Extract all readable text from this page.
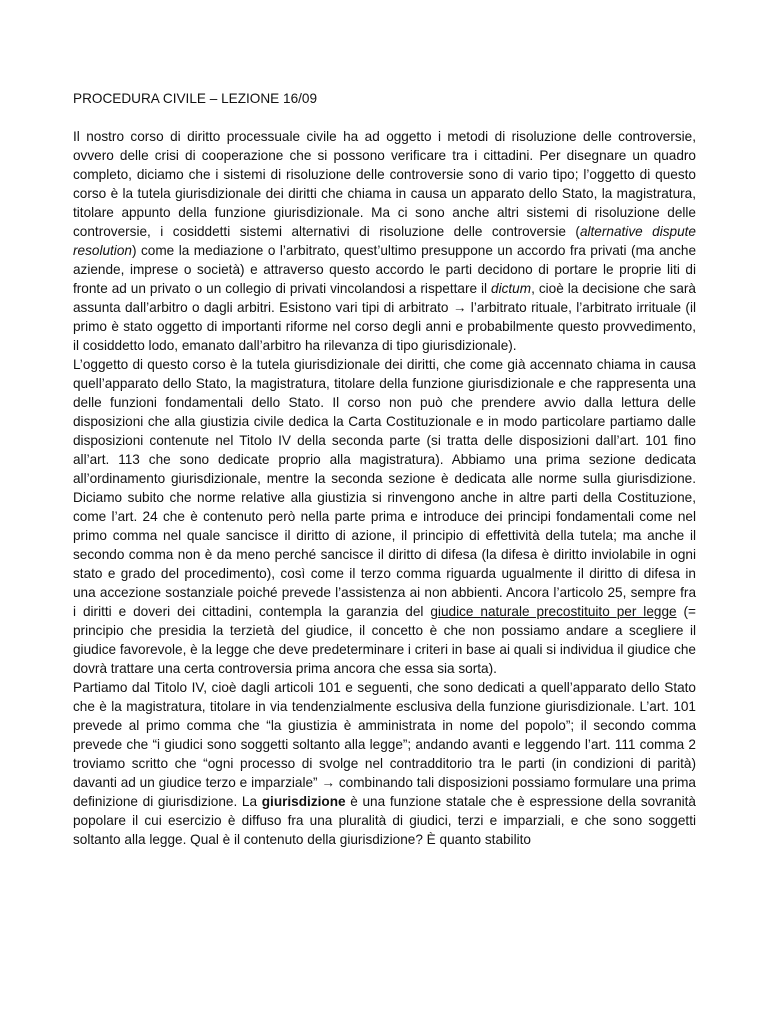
PROCEDURA CIVILE – LEZIONE 16/09

Il nostro corso di diritto processuale civile ha ad oggetto i metodi di risoluzione delle controversie, ovvero delle crisi di cooperazione che si possono verificare tra i cittadini. Per disegnare un quadro completo, diciamo che i sistemi di risoluzione delle controversie sono di vario tipo; l’oggetto di questo corso è la tutela giurisdizionale dei diritti che chiama in causa un apparato dello Stato, la magistratura, titolare appunto della funzione giurisdizionale. Ma ci sono anche altri sistemi di risoluzione delle controversie, i cosiddetti sistemi alternativi di risoluzione delle controversie (alternative dispute resolution) come la mediazione o l’arbitrato, quest’ultimo presuppone un accordo fra privati (ma anche aziende, imprese o società) e attraverso questo accordo le parti decidono di portare le proprie liti di fronte ad un privato o un collegio di privati vincolandosi a rispettare il dictum, cioè la decisione che sarà assunta dall’arbitro o dagli arbitri. Esistono vari tipi di arbitrato → l’arbitrato rituale, l’arbitrato irrituale (il primo è stato oggetto di importanti riforme nel corso degli anni e probabilmente questo provvedimento, il cosiddetto lodo, emanato dall’arbitro ha rilevanza di tipo giurisdizionale).

L’oggetto di questo corso è la tutela giurisdizionale dei diritti, che come già accennato chiama in causa quell’apparato dello Stato, la magistratura, titolare della funzione giurisdizionale e che rappresenta una delle funzioni fondamentali dello Stato. Il corso non può che prendere avvio dalla lettura delle disposizioni che alla giustizia civile dedica la Carta Costituzionale e in modo particolare partiamo dalle disposizioni contenute nel Titolo IV della seconda parte (si tratta delle disposizioni dall’art. 101 fino all’art. 113 che sono dedicate proprio alla magistratura). Abbiamo una prima sezione dedicata all’ordinamento giurisdizionale, mentre la seconda sezione è dedicata alle norme sulla giurisdizione. Diciamo subito che norme relative alla giustizia si rinvengono anche in altre parti della Costituzione, come l’art. 24 che è contenuto però nella parte prima e introduce dei principi fondamentali come nel primo comma nel quale sancisce il diritto di azione, il principio di effettività della tutela; ma anche il secondo comma non è da meno perché sancisce il diritto di difesa (la difesa è diritto inviolabile in ogni stato e grado del procedimento), così come il terzo comma riguarda ugualmente il diritto di difesa in una accezione sostanziale poiché prevede l’assistenza ai non abbienti. Ancora l’articolo 25, sempre fra i diritti e doveri dei cittadini, contempla la garanzia del giudice naturale precostituito per legge (= principio che presidia la terzietà del giudice, il concetto è che non possiamo andare a scegliere il giudice favorevole, è la legge che deve predeterminare i criteri in base ai quali si individua il giudice che dovrà trattare una certa controversia prima ancora che essa sia sorta).

Partiamo dal Titolo IV, cioè dagli articoli 101 e seguenti, che sono dedicati a quell’apparato dello Stato che è la magistratura, titolare in via tendenzialmente esclusiva della funzione giurisdizionale. L’art. 101 prevede al primo comma che “la giustizia è amministrata in nome del popolo”; il secondo comma prevede che “i giudici sono soggetti soltanto alla legge”; andando avanti e leggendo l’art. 111 comma 2 troviamo scritto che “ogni processo di svolge nel contradditorio tra le parti (in condizioni di parità) davanti ad un giudice terzo e imparziale” → combinando tali disposizioni possiamo formulare una prima definizione di giurisdizione. La giurisdizione è una funzione statale che è espressione della sovranità popolare il cui esercizio è diffuso fra una pluralità di giudici, terzi e imparziali, e che sono soggetti soltanto alla legge. Qual è il contenuto della giurisdizione? È quanto stabilito
